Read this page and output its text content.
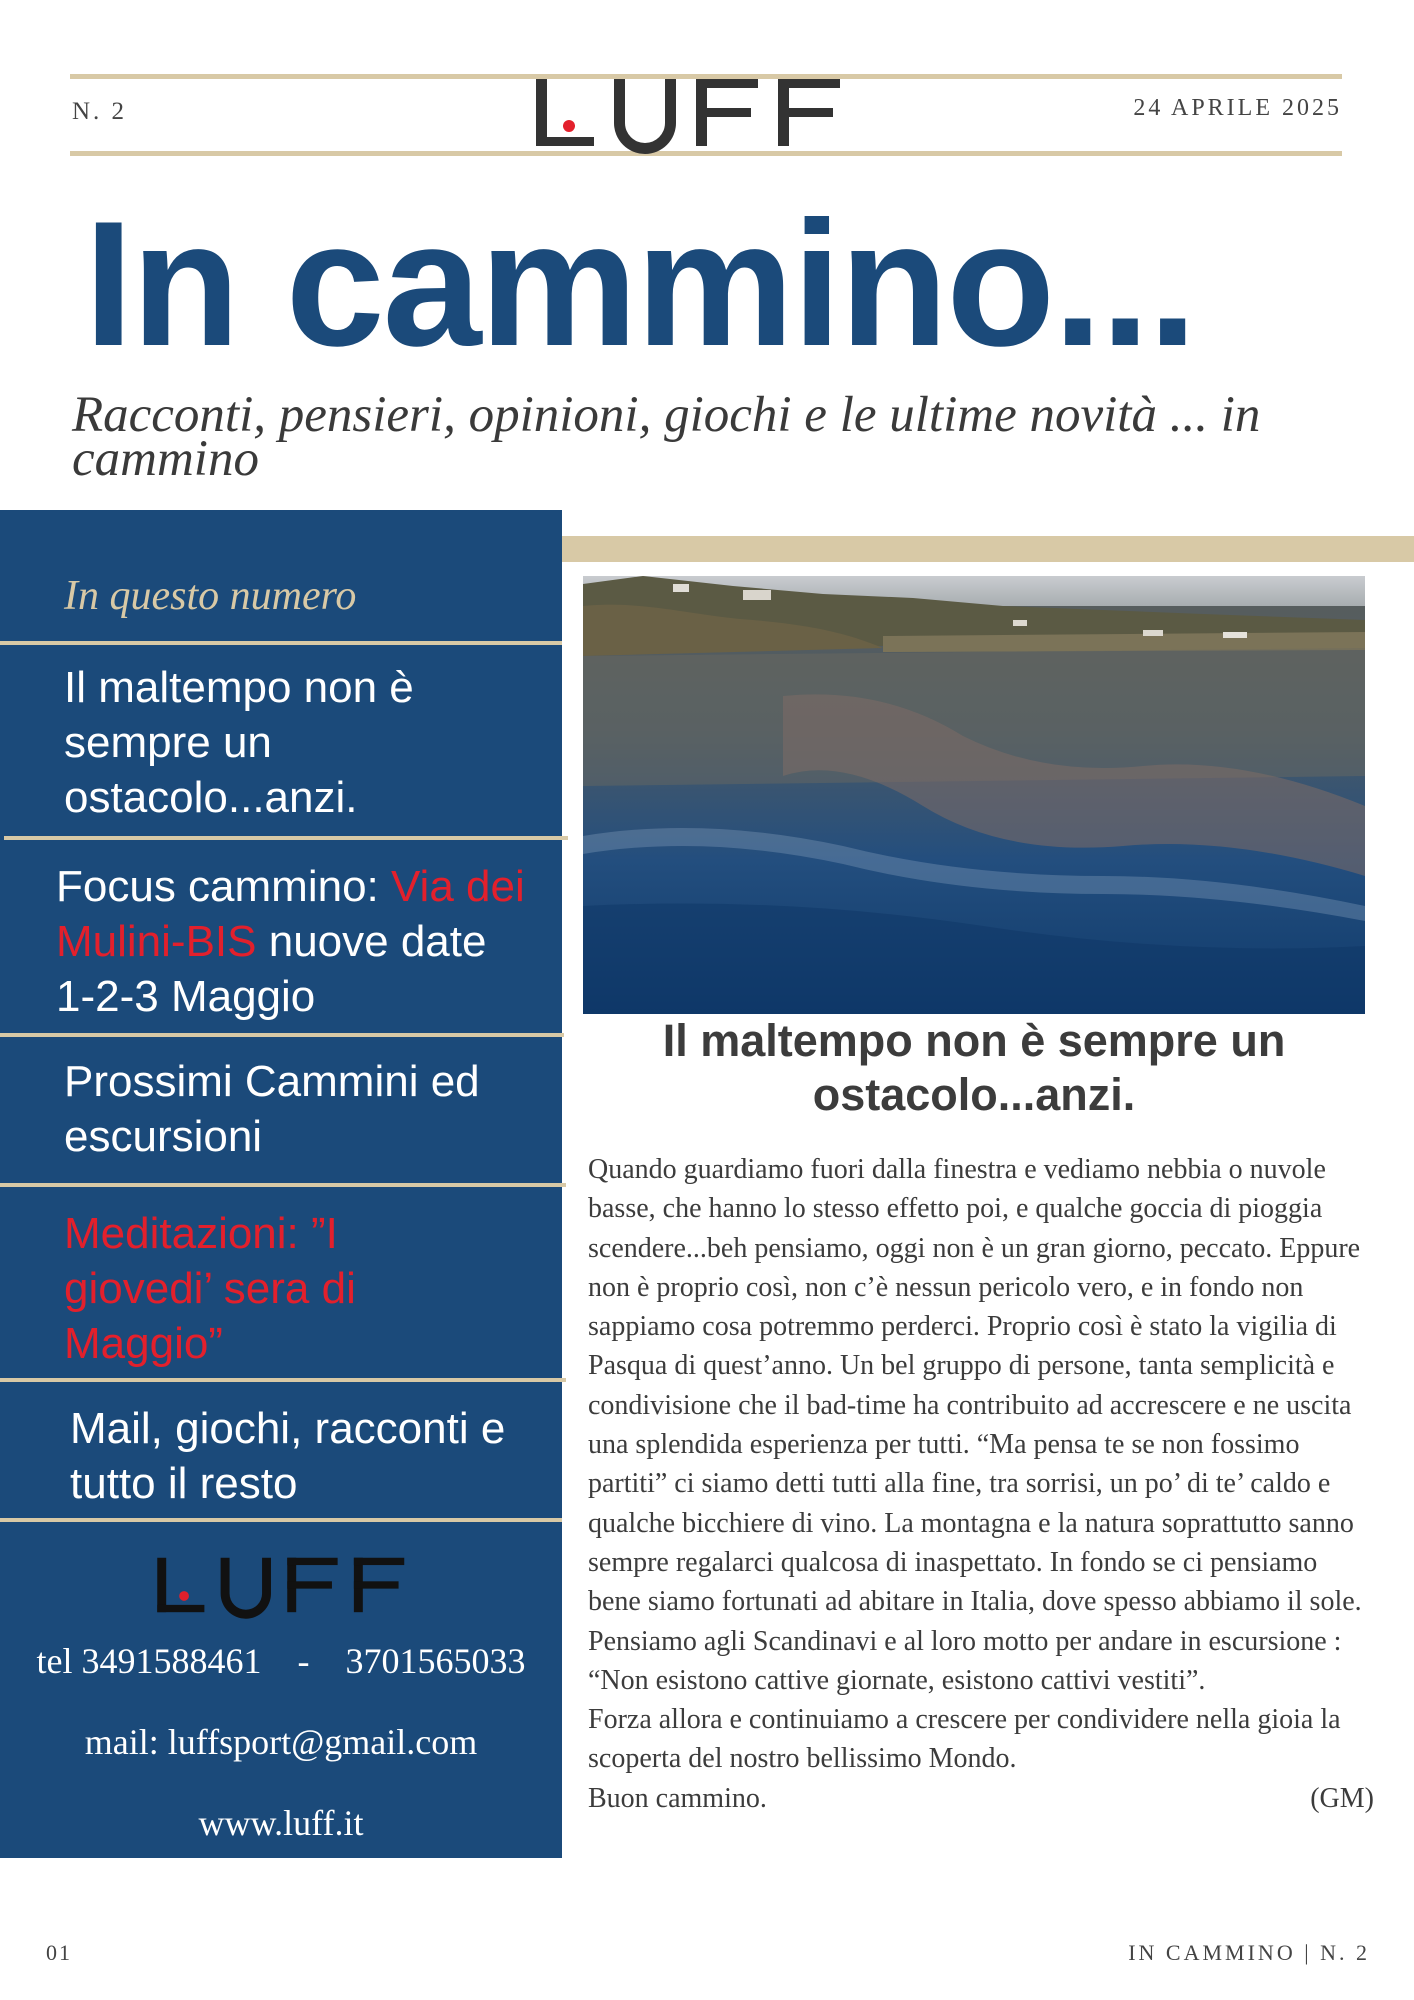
N. 2	24 APRILE 2025
In cammino...
Racconti, pensieri, opinioni, giochi e le ultime novità ... in cammino
In questo numero
Il maltempo non è sempre un ostacolo...anzi.
Focus cammino: Via dei Mulini-BIS nuove date 1-2-3 Maggio
Prossimi Cammini ed escursioni
Meditazioni: ”I giovedi’ sera di Maggio”
Mail, giochi, racconti e tutto il resto
tel 3491588461    -    3701565033
mail: luffsport@gmail.com
www.luff.it
Il maltempo non è sempre un ostacolo...anzi.

Quando guardiamo fuori dalla finestra e vediamo nebbia o nuvole basse, che hanno lo stesso effetto poi, e qualche goccia di pioggia scendere...beh pensiamo, oggi non è un gran giorno, peccato. Eppure non è proprio così, non c’è nessun pericolo vero, e in fondo non sappiamo cosa potremmo perderci. Proprio così è stato la vigilia di Pasqua di quest’anno. Un bel gruppo di persone, tanta semplicità e condivisione che il bad-time ha contribuito ad accrescere e ne uscita una splendida esperienza per tutti. “Ma pensa te se non fossimo partiti” ci siamo detti tutti alla fine, tra sorrisi, un po’ di te’ caldo e qualche bicchiere di vino. La montagna e la natura soprattutto sanno sempre regalarci qualcosa di inaspettato. In fondo se ci pensiamo bene siamo fortunati ad abitare in Italia, dove spesso abbiamo il sole. Pensiamo agli Scandinavi e al loro motto per andare in escursione : “Non esistono cattive giornate, esistono cattivi vestiti”.

Forza allora e continuiamo a crescere per condividere nella gioia la scoperta del nostro bellissimo Mondo.

Buon cammino.	(GM)

01	IN CAMMINO | N. 2
